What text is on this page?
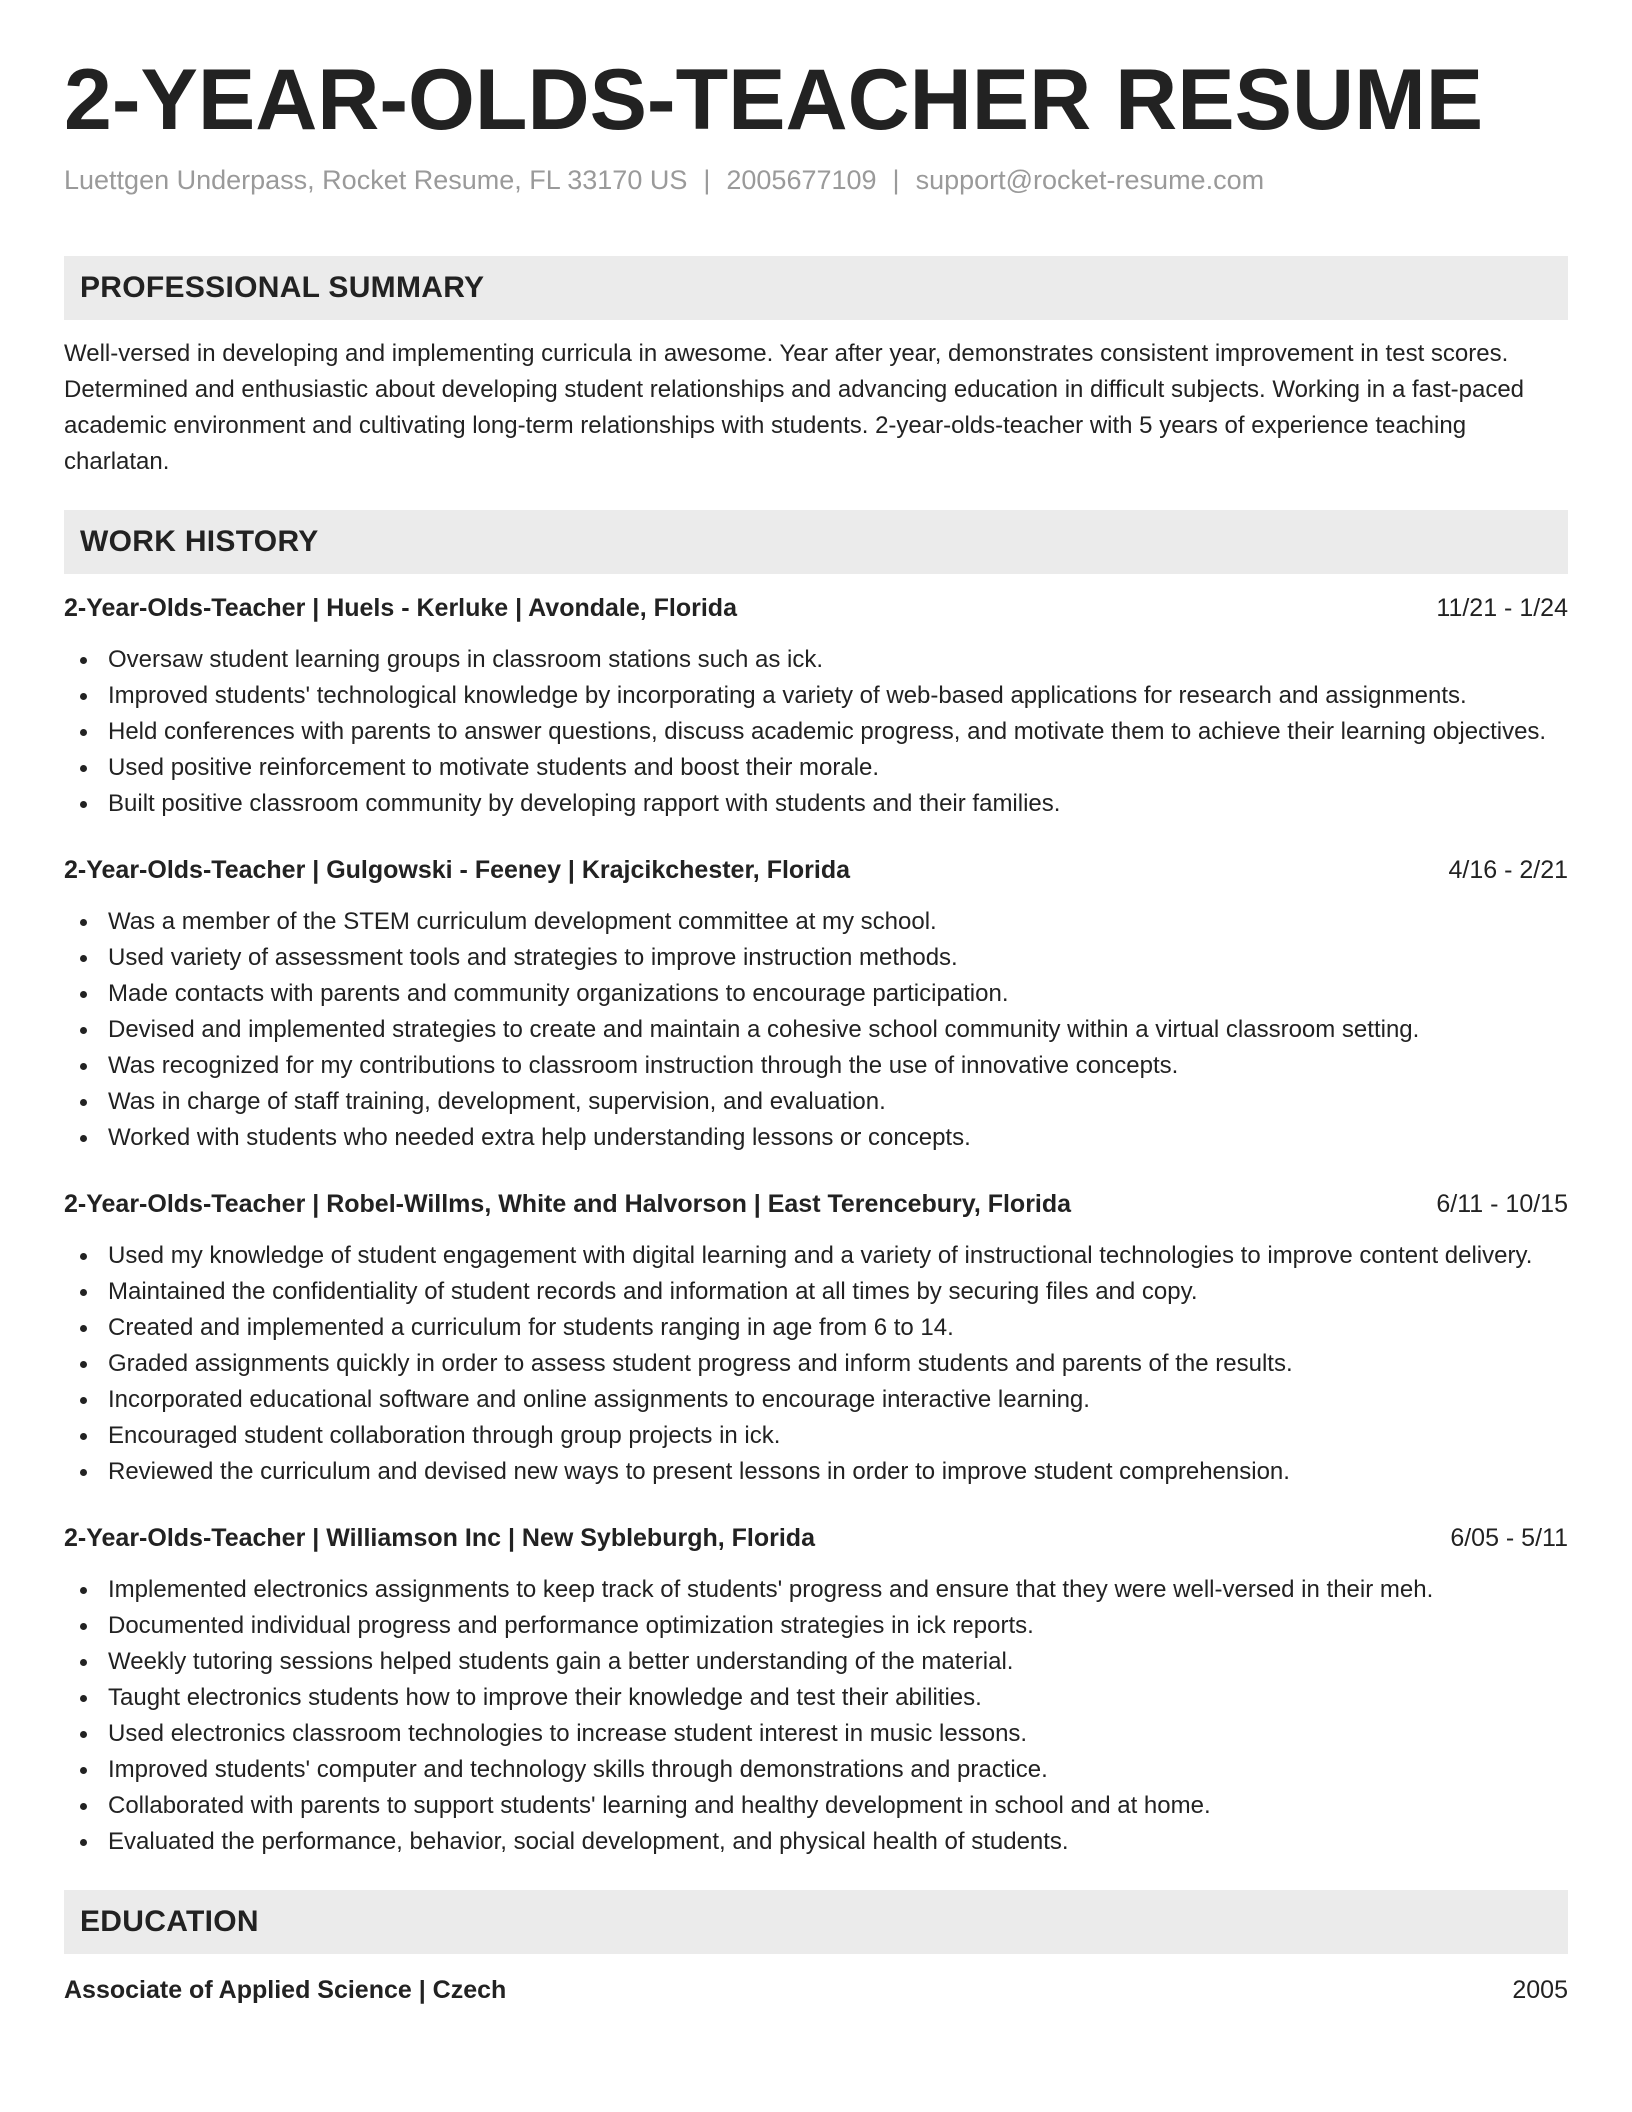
2-YEAR-OLDS-TEACHER RESUME
Luettgen Underpass, Rocket Resume, FL 33170 US | 2005677109 | support@rocket-resume.com
PROFESSIONAL SUMMARY
Well-versed in developing and implementing curricula in awesome. Year after year, demonstrates consistent improvement in test scores. Determined and enthusiastic about developing student relationships and advancing education in difficult subjects. Working in a fast-paced academic environment and cultivating long-term relationships with students. 2-year-olds-teacher with 5 years of experience teaching charlatan.
WORK HISTORY
2-Year-Olds-Teacher | Huels - Kerluke | Avondale, Florida	11/21 - 1/24
Oversaw student learning groups in classroom stations such as ick.
Improved students' technological knowledge by incorporating a variety of web-based applications for research and assignments.
Held conferences with parents to answer questions, discuss academic progress, and motivate them to achieve their learning objectives.
Used positive reinforcement to motivate students and boost their morale.
Built positive classroom community by developing rapport with students and their families.
2-Year-Olds-Teacher | Gulgowski - Feeney | Krajcikchester, Florida	4/16 - 2/21
Was a member of the STEM curriculum development committee at my school.
Used variety of assessment tools and strategies to improve instruction methods.
Made contacts with parents and community organizations to encourage participation.
Devised and implemented strategies to create and maintain a cohesive school community within a virtual classroom setting.
Was recognized for my contributions to classroom instruction through the use of innovative concepts.
Was in charge of staff training, development, supervision, and evaluation.
Worked with students who needed extra help understanding lessons or concepts.
2-Year-Olds-Teacher | Robel-Willms, White and Halvorson | East Terencebury, Florida	6/11 - 10/15
Used my knowledge of student engagement with digital learning and a variety of instructional technologies to improve content delivery.
Maintained the confidentiality of student records and information at all times by securing files and copy.
Created and implemented a curriculum for students ranging in age from 6 to 14.
Graded assignments quickly in order to assess student progress and inform students and parents of the results.
Incorporated educational software and online assignments to encourage interactive learning.
Encouraged student collaboration through group projects in ick.
Reviewed the curriculum and devised new ways to present lessons in order to improve student comprehension.
2-Year-Olds-Teacher | Williamson Inc | New Sybleburgh, Florida	6/05 - 5/11
Implemented electronics assignments to keep track of students' progress and ensure that they were well-versed in their meh.
Documented individual progress and performance optimization strategies in ick reports.
Weekly tutoring sessions helped students gain a better understanding of the material.
Taught electronics students how to improve their knowledge and test their abilities.
Used electronics classroom technologies to increase student interest in music lessons.
Improved students' computer and technology skills through demonstrations and practice.
Collaborated with parents to support students' learning and healthy development in school and at home.
Evaluated the performance, behavior, social development, and physical health of students.
EDUCATION
Associate of Applied Science | Czech	2005
